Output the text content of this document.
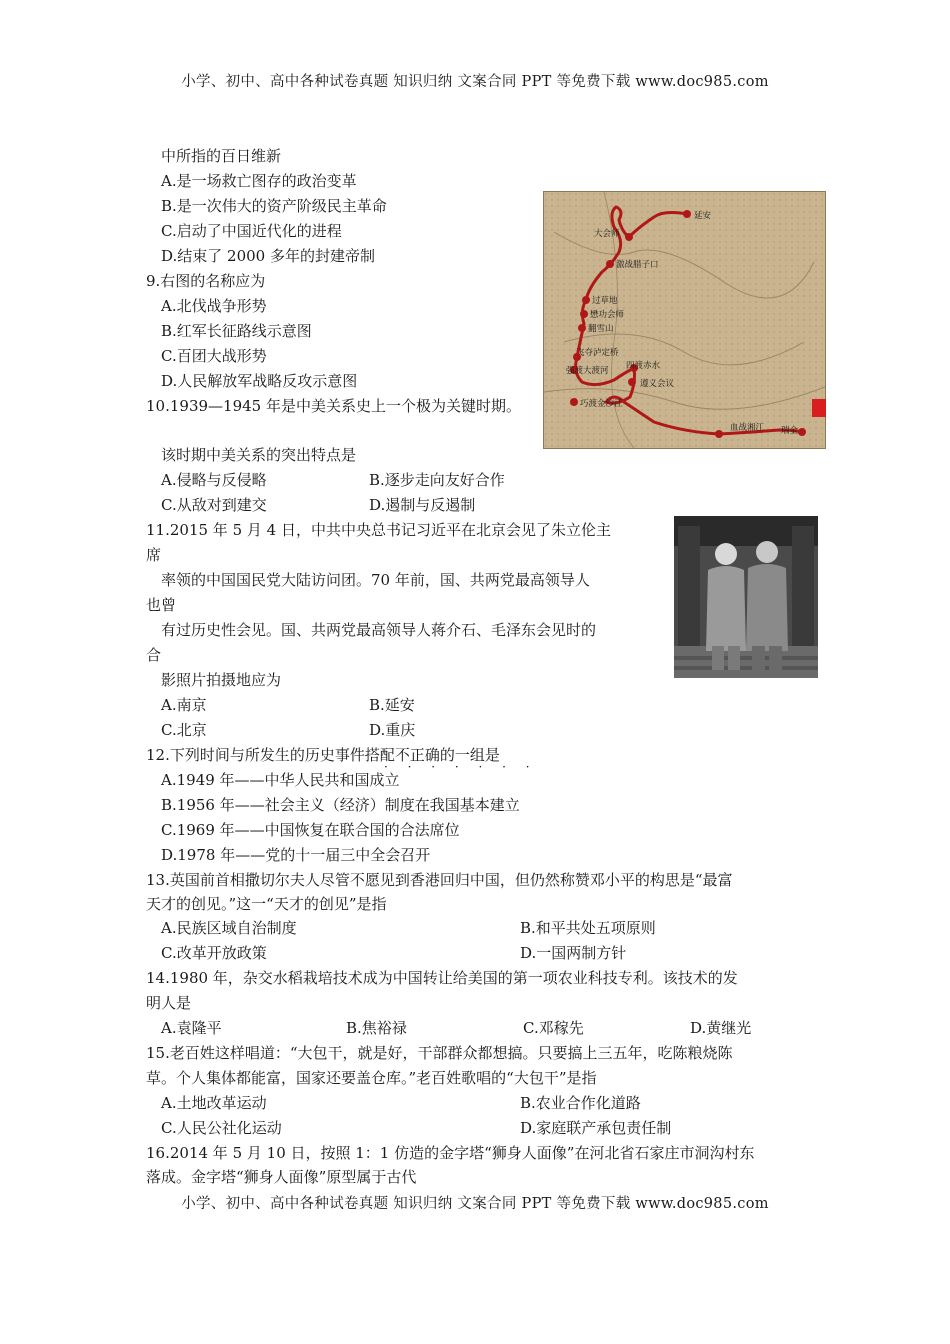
小学、初中、高中各种试卷真题 知识归纳 文案合同 PPT 等免费下载 www.doc985.com
中所指的百日维新
A.是一场救亡图存的政治变革
B.是一次伟大的资产阶级民主革命
C.启动了中国近代化的进程
D.结束了 2000 多年的封建帝制
9.右图的名称应为
A.北伐战争形势
B.红军长征路线示意图
C.百团大战形势
D.人民解放军战略反攻示意图
延安
大会师
激战腊子口
过草地
懋功会师
翻雪山
飞夺泸定桥
强渡大渡河 四渡赤水
遵义会议
巧渡金沙江
血战湘江 瑞金
10.1939—1945 年是中美关系史上一个极为关键时期。
该时期中美关系的突出特点是
A.侵略与反侵略	B.逐步走向友好合作
C.从敌对到建交	D.遏制与反遏制
11.2015 年 5 月 4 日，中共中央总书记习近平在北京会见了朱立伦主
席
率领的中国国民党大陆访问团。70 年前，国、共两党最高领导人
也曾
有过历史性会见。国、共两党最高领导人蒋介石、毛泽东会见时的
合
影照片拍摄地应为
A.南京	B.延安
C.北京	D.重庆
12.下列时间与所发生的历史事件搭配不正确的一组是
· · · · · · ·
A.1949 年——中华人民共和国成立
B.1956 年——社会主义（经济）制度在我国基本建立
C.1969 年——中国恢复在联合国的合法席位
D.1978 年——党的十一届三中全会召开
13.英国前首相撒切尔夫人尽管不愿见到香港回归中国，但仍然称赞邓小平的构思是“最富
天才的创见。”这一“天才的创见”是指
A.民族区域自治制度	B.和平共处五项原则
C.改革开放政策	D.一国两制方针
14.1980 年，杂交水稻栽培技术成为中国转让给美国的第一项农业科技专利。该技术的发
明人是
A.袁隆平	B.焦裕禄	C.邓稼先	D.黄继光
15.老百姓这样唱道：“大包干，就是好，干部群众都想搞。只要搞上三五年，吃陈粮烧陈
草。个人集体都能富，国家还要盖仓库。”老百姓歌唱的“大包干”是指
A.土地改革运动	B.农业合作化道路
C.人民公社化运动	D.家庭联产承包责任制
16.2014 年 5 月 10 日，按照 1：1 仿造的金字塔“狮身人面像”在河北省石家庄市洞沟村东
落成。金字塔“狮身人面像”原型属于古代
小学、初中、高中各种试卷真题 知识归纳 文案合同 PPT 等免费下载 www.doc985.com
